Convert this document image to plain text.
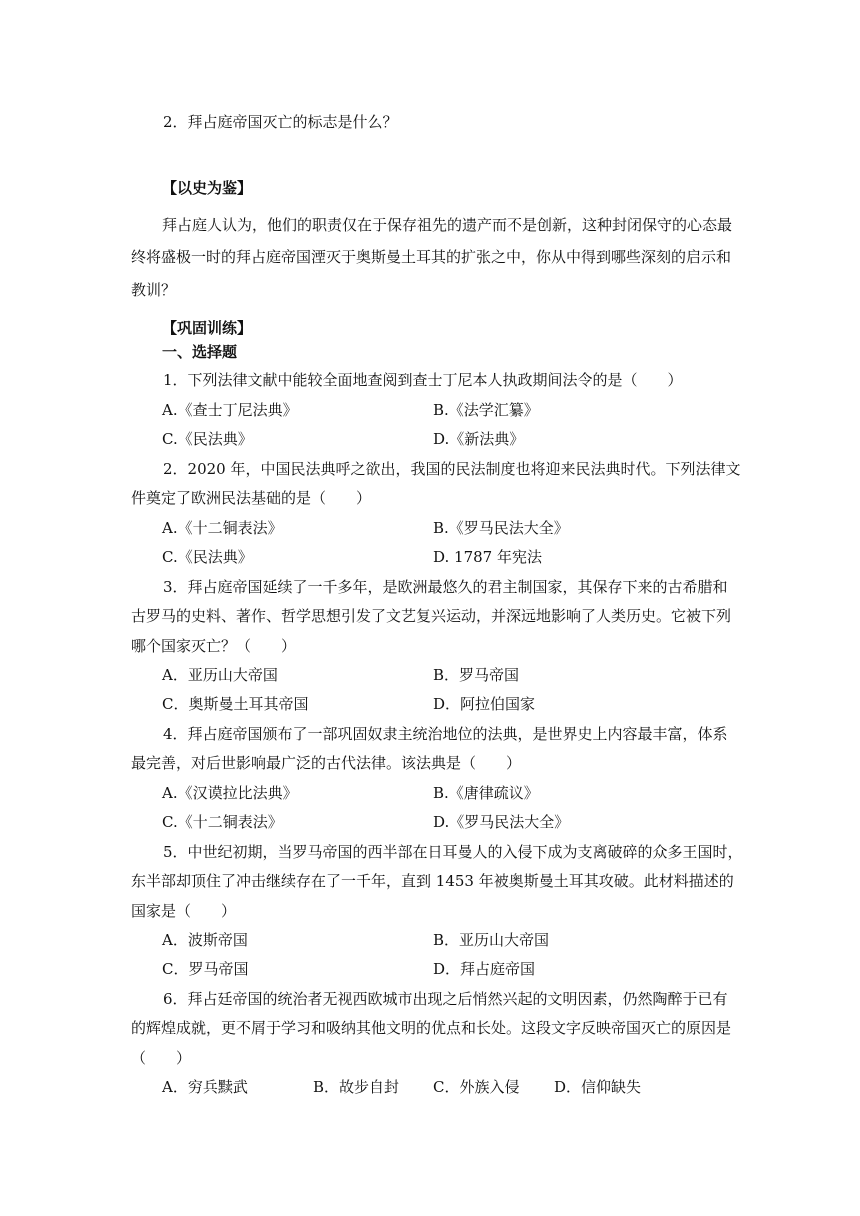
2．拜占庭帝国灭亡的标志是什么？
【以史为鉴】
拜占庭人认为，他们的职责仅在于保存祖先的遗产而不是创新，这种封闭保守的心态最
终将盛极一时的拜占庭帝国湮灭于奥斯曼土耳其的扩张之中，你从中得到哪些深刻的启示和
教训？
【巩固训练】
一、选择题
1．下列法律文献中能较全面地查阅到查士丁尼本人执政期间法令的是（　　）
A.《查士丁尼法典》	B.《法学汇纂》
C.《民法典》	D.《新法典》
2．2020 年，中国民法典呼之欲出，我国的民法制度也将迎来民法典时代。下列法律文
件奠定了欧洲民法基础的是（　　）
A.《十二铜表法》	B.《罗马民法大全》
C.《民法典》	D. 1787 年宪法
3．拜占庭帝国延续了一千多年，是欧洲最悠久的君主制国家，其保存下来的古希腊和
古罗马的史料、著作、哲学思想引发了文艺复兴运动，并深远地影响了人类历史。它被下列
哪个国家灭亡？（　　）
A．亚历山大帝国	B．罗马帝国
C．奥斯曼土耳其帝国	D．阿拉伯国家
4．拜占庭帝国颁布了一部巩固奴隶主统治地位的法典，是世界史上内容最丰富，体系
最完善，对后世影响最广泛的古代法律。该法典是（　　）
A.《汉谟拉比法典》	B.《唐律疏议》
C.《十二铜表法》	D.《罗马民法大全》
5．中世纪初期，当罗马帝国的西半部在日耳曼人的入侵下成为支离破碎的众多王国时，
东半部却顶住了冲击继续存在了一千年，直到 1453 年被奥斯曼土耳其攻破。此材料描述的
国家是（　　）
A．波斯帝国	B．亚历山大帝国
C．罗马帝国	D．拜占庭帝国
6．拜占廷帝国的统治者无视西欧城市出现之后悄然兴起的文明因素，仍然陶醉于已有
的辉煌成就，更不屑于学习和吸纳其他文明的优点和长处。这段文字反映帝国灭亡的原因是
（　　）
A．穷兵黩武	B．故步自封 C．外族入侵 D．信仰缺失
